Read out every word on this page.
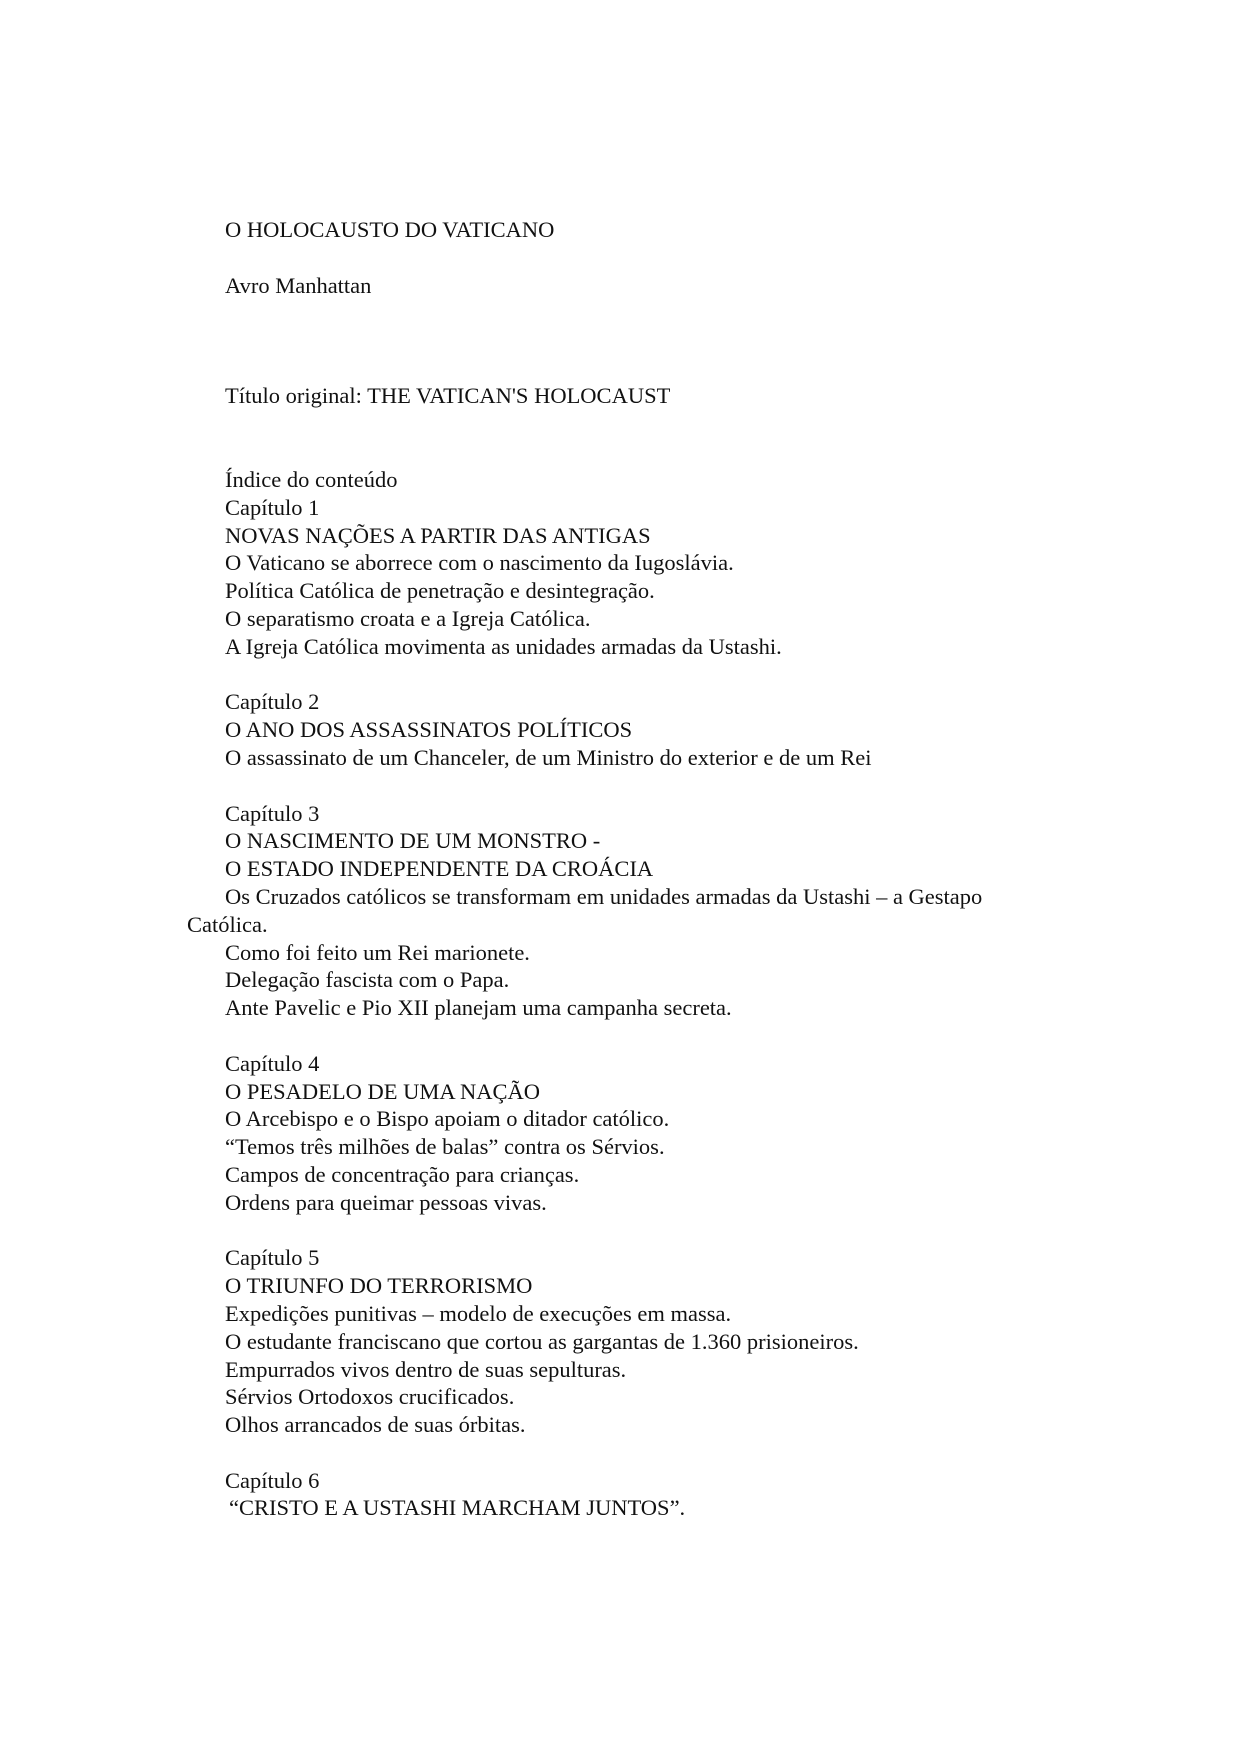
O HOLOCAUSTO DO VATICANO
Avro Manhattan
Título original: THE VATICAN'S HOLOCAUST
Índice do conteúdo
Capítulo 1
NOVAS NAÇÕES A PARTIR DAS ANTIGAS
O Vaticano se aborrece com o nascimento da Iugoslávia.
Política Católica de penetração e desintegração.
O separatismo croata e a Igreja Católica.
A Igreja Católica movimenta as unidades armadas da Ustashi.
Capítulo 2
O ANO DOS ASSASSINATOS POLÍTICOS
O assassinato de um Chanceler, de um Ministro do exterior e de um Rei
Capítulo 3
O NASCIMENTO DE UM MONSTRO -
O ESTADO INDEPENDENTE DA CROÁCIA
Os Cruzados católicos se transformam em unidades armadas da Ustashi – a Gestapo Católica.
Como foi feito um Rei marionete.
Delegação fascista com o Papa.
Ante Pavelic e Pio XII planejam uma campanha secreta.
Capítulo 4
O PESADELO DE UMA NAÇÃO
O Arcebispo e o Bispo apoiam o ditador católico.
“Temos três milhões de balas” contra os Sérvios.
Campos de concentração para crianças.
Ordens para queimar pessoas vivas.
Capítulo 5
O TRIUNFO DO TERRORISMO
Expedições punitivas – modelo de execuções em massa.
O estudante franciscano que cortou as gargantas de 1.360 prisioneiros.
Empurrados vivos dentro de suas sepulturas.
Sérvios Ortodoxos crucificados.
Olhos arrancados de suas órbitas.
Capítulo 6
“CRISTO E A USTASHI MARCHAM JUNTOS”.
